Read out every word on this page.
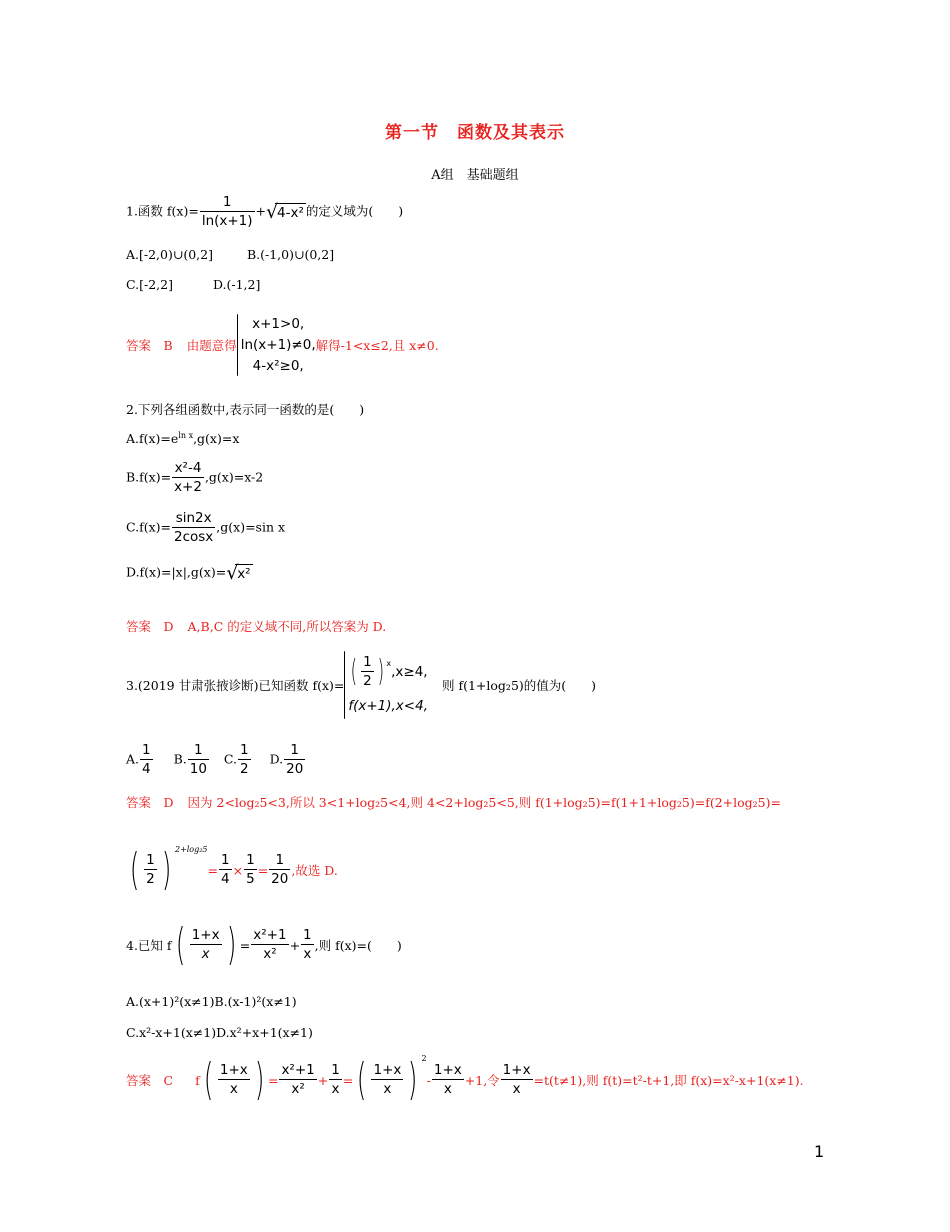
第一节 函数及其表示
A组　基础题组
1.函数 $f(x)= \frac{1}{\ln(x+1)}$ + √
4-x² 的定义域为(　　)
A.[-2,0)∪(0,2]	B.(-1,0)∪(0,2]
C.[-2,2]	D.(-1,2]
答案　B 由题意得
x+1>0,
ln(x+1)≠0,
4-x²≥0,
解得-1<x≤2,且 x≠0.
2.下列各组函数中,表示同一函数的是(　　)
$A.f(x)=e^{ln x},g(x)=x$
$B.f(x)= \frac{\text{x²-4}}{x+2} ,g(x)=x-2$
$C.f(x)= \frac{\sin 2x}{2\cos x} ,g(x)=\sin$ x
D.f(x)=|x|,g(x)= √
x²
答案　D A,B,C 的定义域不同,所以答案为 D.
3.(2019 甘肃张掖诊断)已知函数 f(x)= ( $\frac{1}{2}$ ) $^x$
,x≥4,
f(x+1),x<4,
则 f(1+log₂5)的值为(　　)
A. $\frac{1}{4} B$. $\frac{1}{10} C$. $\frac{1}{2} D$. $\frac{1}{20}$
答案　D 因为 2<log₂5<3,所以 3<1+log₂5<4,则 4<2+log₂5<5,则 f(1+log₂5)=f(1+1+log₂5)=f(2+log₂5)=
( $\frac{1}{2}$ ) $^{2+log_25}$
= $\frac{1}{4} \times \frac{1}{5} = \frac{1}{20}$ ,故选 D.
4.已知 f ( $\frac{1+x}{x}$ ) = $\frac{\text{x²+1}}{\text{x²}} + \frac{1}{x}$ ,则 f(x)=(　　)
A.(x+1)²(x≠1)B.(x-1)²(x≠1)
C.x²-x+1(x≠1)D.x²+x+1(x≠1)
答案　C f ( $\frac{1+x}{x}$ ) = $\frac{\text{x²+1}}{\text{x²}} + \frac{1}{x}$ = ( $\frac{1+x}{x}$ ) $^2$
- $\frac{1+x}{x} +1$,令 $\frac{1+x}{x} =t(t\ne 1)$,则 f(t)=t²-t+1,即 f(x)=x²-x+1(x≠1).
1
